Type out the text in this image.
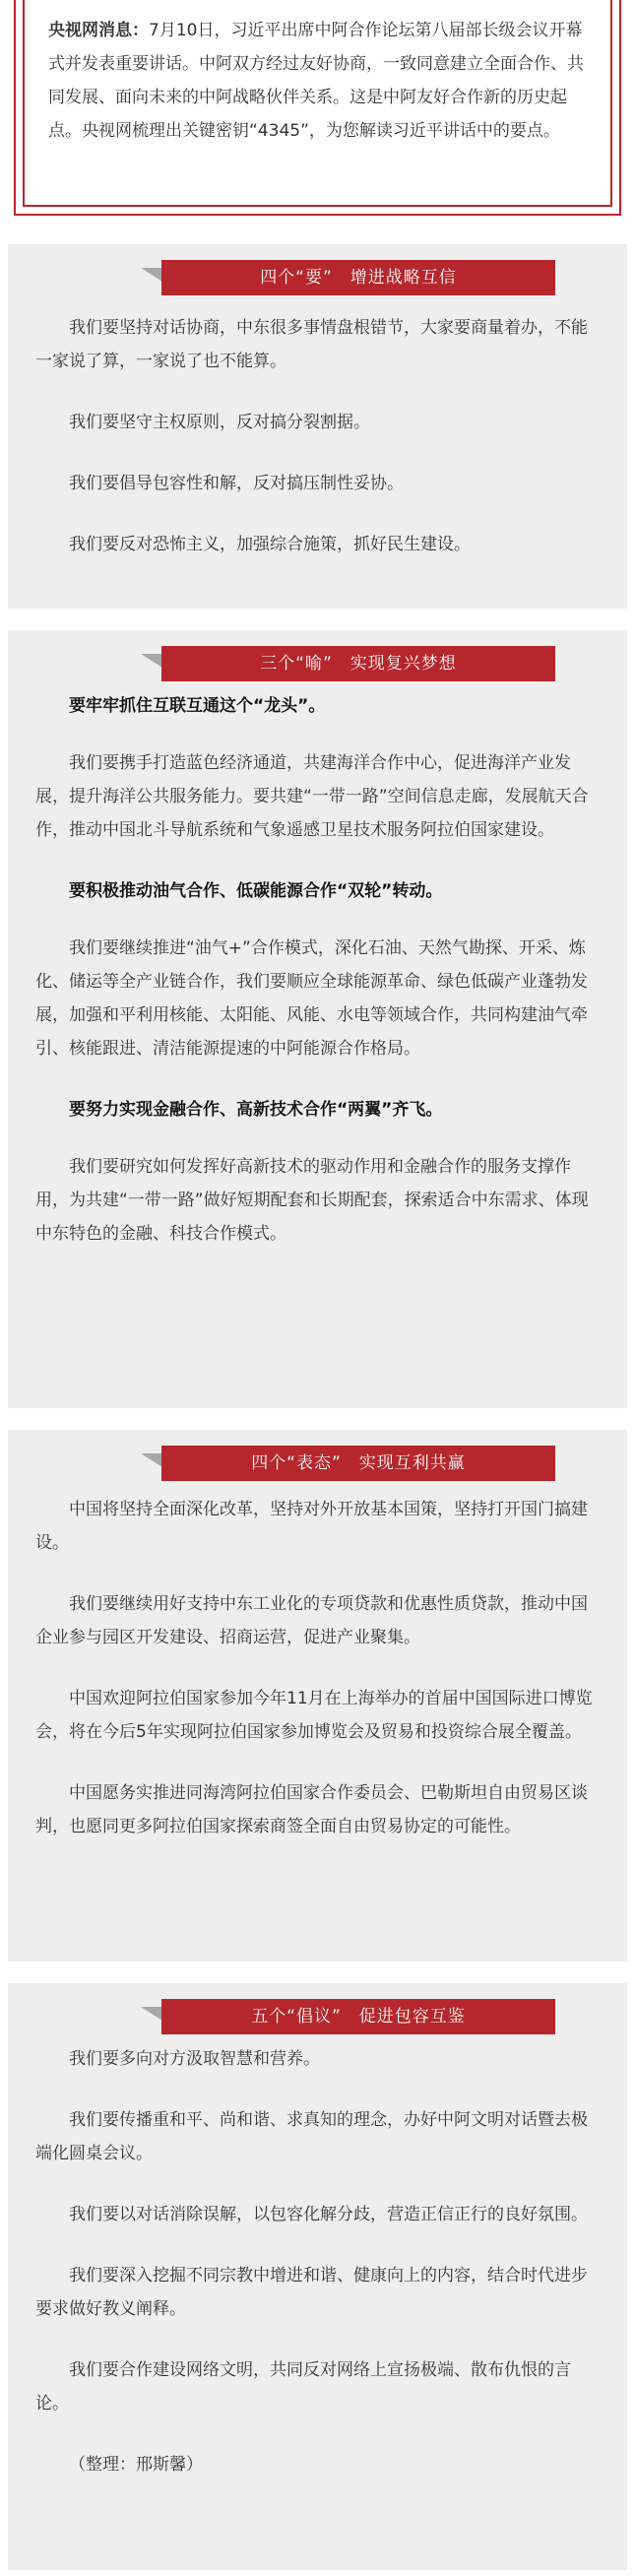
央视网消息：7月10日，习近平出席中阿合作论坛第八届部长级会议开幕式并发表重要讲话。中阿双方经过友好协商，一致同意建立全面合作、共同发展、面向未来的中阿战略伙伴关系。这是中阿友好合作新的历史起点。央视网梳理出关键密钥“4345”，为您解读习近平讲话中的要点。

四个“要”　增进战略互信

我们要坚持对话协商，中东很多事情盘根错节，大家要商量着办，不能一家说了算，一家说了也不能算。

我们要坚守主权原则，反对搞分裂割据。

我们要倡导包容性和解，反对搞压制性妥协。

我们要反对恐怖主义，加强综合施策，抓好民生建设。

三个“喻”　实现复兴梦想

要牢牢抓住互联互通这个“龙头”。

我们要携手打造蓝色经济通道，共建海洋合作中心，促进海洋产业发展，提升海洋公共服务能力。要共建“一带一路”空间信息走廊，发展航天合作，推动中国北斗导航系统和气象遥感卫星技术服务阿拉伯国家建设。

要积极推动油气合作、低碳能源合作“双轮”转动。

我们要继续推进“油气+”合作模式，深化石油、天然气勘探、开采、炼化、储运等全产业链合作，我们要顺应全球能源革命、绿色低碳产业蓬勃发展，加强和平利用核能、太阳能、风能、水电等领域合作，共同构建油气牵引、核能跟进、清洁能源提速的中阿能源合作格局。

要努力实现金融合作、高新技术合作“两翼”齐飞。

我们要研究如何发挥好高新技术的驱动作用和金融合作的服务支撑作用，为共建“一带一路”做好短期配套和长期配套，探索适合中东需求、体现中东特色的金融、科技合作模式。

四个“表态”　实现互利共赢

中国将坚持全面深化改革，坚持对外开放基本国策，坚持打开国门搞建设。

我们要继续用好支持中东工业化的专项贷款和优惠性质贷款，推动中国企业参与园区开发建设、招商运营，促进产业聚集。

中国欢迎阿拉伯国家参加今年11月在上海举办的首届中国国际进口博览会，将在今后5年实现阿拉伯国家参加博览会及贸易和投资综合展全覆盖。

中国愿务实推进同海湾阿拉伯国家合作委员会、巴勒斯坦自由贸易区谈判，也愿同更多阿拉伯国家探索商签全面自由贸易协定的可能性。

五个“倡议”　促进包容互鉴

我们要多向对方汲取智慧和营养。

我们要传播重和平、尚和谐、求真知的理念，办好中阿文明对话暨去极端化圆桌会议。

我们要以对话消除误解，以包容化解分歧，营造正信正行的良好氛围。

我们要深入挖掘不同宗教中增进和谐、健康向上的内容，结合时代进步要求做好教义阐释。

我们要合作建设网络文明，共同反对网络上宣扬极端、散布仇恨的言论。

（整理：邢斯馨）
